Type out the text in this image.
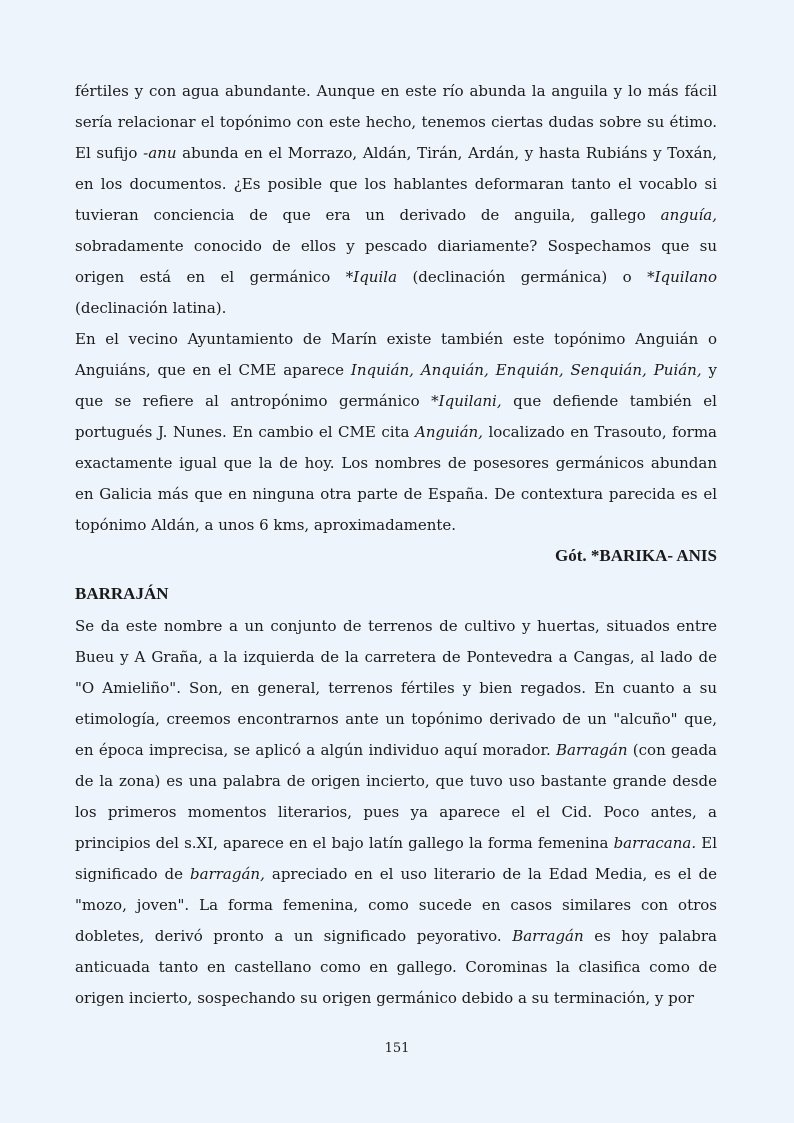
fértiles y con agua abundante. Aunque en este río abunda la anguila y lo más fácil sería relacionar el topónimo con este hecho, tenemos ciertas dudas sobre su étimo. El sufijo -anu abunda en el Morrazo, Aldán, Tirán, Ardán, y hasta Rubiáns y Toxán, en los documentos. ¿Es posible que los hablantes deformaran tanto el vocablo si tuvieran conciencia de que era un derivado de anguila, gallego anguía, sobradamente conocido de ellos y pescado diariamente? Sospechamos que su origen está en el germánico *Iquila (declinación germánica) o *Iquilano (declinación latina).

En el vecino Ayuntamiento de Marín existe también este topónimo Anguián o Anguiáns, que en el CME aparece Inquián, Anquián, Enquián, Senquián, Puián, y que se refiere al antropónimo germánico *Iquilani, que defiende también el portugués J. Nunes. En cambio el CME cita Anguián, localizado en Trasouto, forma exactamente igual que la de hoy. Los nombres de posesores germánicos abundan en Galicia más que en ninguna otra parte de España. De contextura parecida es el topónimo Aldán, a unos 6 kms, aproximadamente.

Gót. *BARIKA- ANIS
BARRAJÁN

Se da este nombre a un conjunto de terrenos de cultivo y huertas, situados entre Bueu y A Graña, a la izquierda de la carretera de Pontevedra a Cangas, al lado de "O Amieliño". Son, en general, terrenos fértiles y bien regados. En cuanto a su etimología, creemos encontrarnos ante un topónimo derivado de un "alcuño" que, en época imprecisa, se aplicó a algún individuo aquí morador. Barragán (con geada de la zona) es una palabra de origen incierto, que tuvo uso bastante grande desde los primeros momentos literarios, pues ya aparece el el Cid. Poco antes, a principios del s.XI, aparece en el bajo latín gallego la forma femenina barracana. El significado de barragán, apreciado en el uso literario de la Edad Media, es el de "mozo, joven". La forma femenina, como sucede en casos similares con otros dobletes, derivó pronto a un significado peyorativo. Barragán es hoy palabra anticuada tanto en castellano como en gallego. Corominas la clasifica como de origen incierto, sospechando su origen germánico debido a su terminación, y por

151
